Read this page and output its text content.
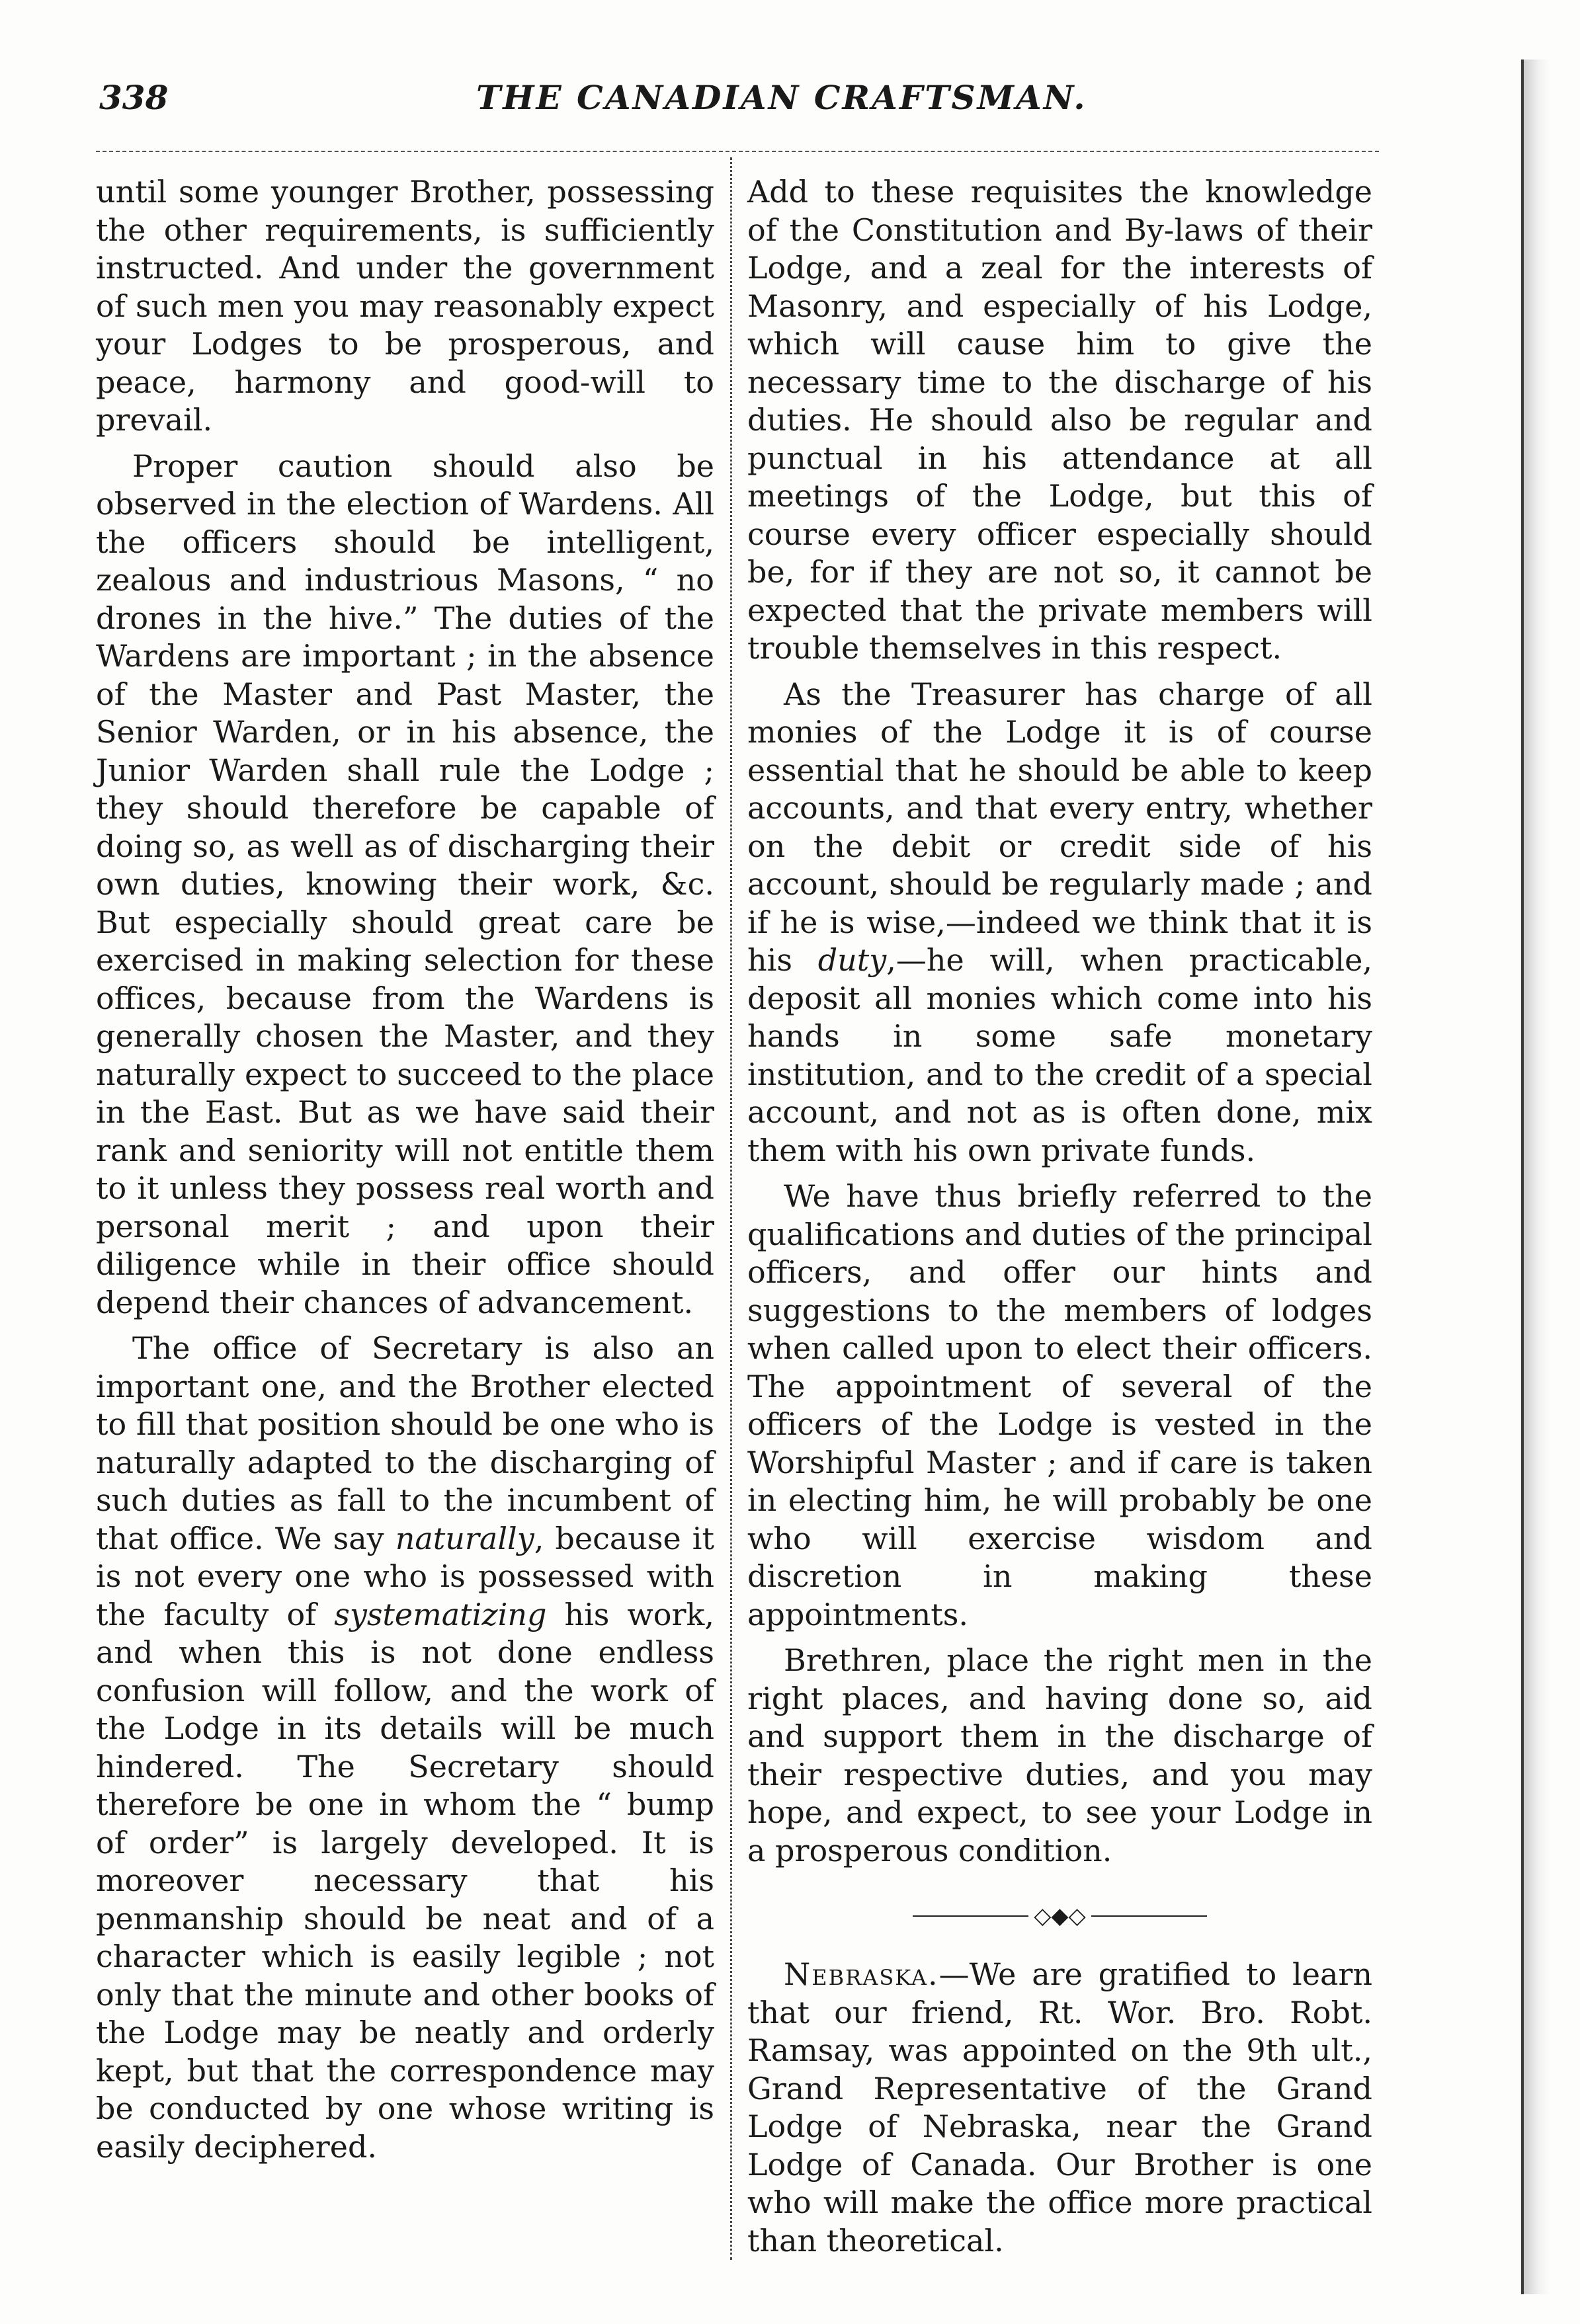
338	THE CANADIAN CRAFTSMAN.

until some younger Brother, possessing the other requirements, is sufficiently instructed. And under the government of such men you may reasonably expect your Lodges to be prosperous, and peace, harmony and good-will to prevail.

Proper caution should also be observed in the election of Wardens. All the officers should be intelligent, zealous and industrious Masons, “ no drones in the hive.” The duties of the Wardens are important ; in the absence of the Master and Past Master, the Senior Warden, or in his absence, the Junior Warden shall rule the Lodge ; they should therefore be capable of doing so, as well as of discharging their own duties, knowing their work, &c. But especially should great care be exercised in making selection for these offices, because from the Wardens is generally chosen the Master, and they naturally expect to succeed to the place in the East. But as we have said their rank and seniority will not entitle them to it unless they possess real worth and personal merit ; and upon their diligence while in their office should depend their chances of advancement.

The office of Secretary is also an important one, and the Brother elected to fill that position should be one who is naturally adapted to the discharging of such duties as fall to the incumbent of that office. We say naturally, because it is not every one who is possessed with the faculty of systematizing his work, and when this is not done endless confusion will follow, and the work of the Lodge in its details will be much hindered. The Secretary should therefore be one in whom the “ bump of order” is largely developed. It is moreover necessary that his penmanship should be neat and of a character which is easily legible ; not only that the minute and other books of the Lodge may be neatly and orderly kept, but that the correspondence may be conducted by one whose writing is easily deciphered.

Add to these requisites the knowledge of the Constitution and By-laws of their Lodge, and a zeal for the interests of Masonry, and especially of his Lodge, which will cause him to give the necessary time to the discharge of his duties. He should also be regular and punctual in his attendance at all meetings of the Lodge, but this of course every officer especially should be, for if they are not so, it cannot be expected that the private members will trouble themselves in this respect.

As the Treasurer has charge of all monies of the Lodge it is of course essential that he should be able to keep accounts, and that every entry, whether on the debit or credit side of his account, should be regularly made ; and if he is wise,—indeed we think that it is his duty,—he will, when practicable, deposit all monies which come into his hands in some safe monetary institution, and to the credit of a special account, and not as is often done, mix them with his own private funds.

We have thus briefly referred to the qualifications and duties of the principal officers, and offer our hints and suggestions to the members of lodges when called upon to elect their officers. The appointment of several of the officers of the Lodge is vested in the Worshipful Master ; and if care is taken in electing him, he will probably be one who will exercise wisdom and discretion in making these appointments.

Brethren, place the right men in the right places, and having done so, aid and support them in the discharge of their respective duties, and you may hope, and expect, to see your Lodge in a prosperous condition.

◇◆◇

Nebraska.—We are gratified to learn that our friend, Rt. Wor. Bro. Robt. Ramsay, was appointed on the 9th ult., Grand Representative of the Grand Lodge of Nebraska, near the Grand Lodge of Canada. Our Brother is one who will make the office more practical than theoretical.
